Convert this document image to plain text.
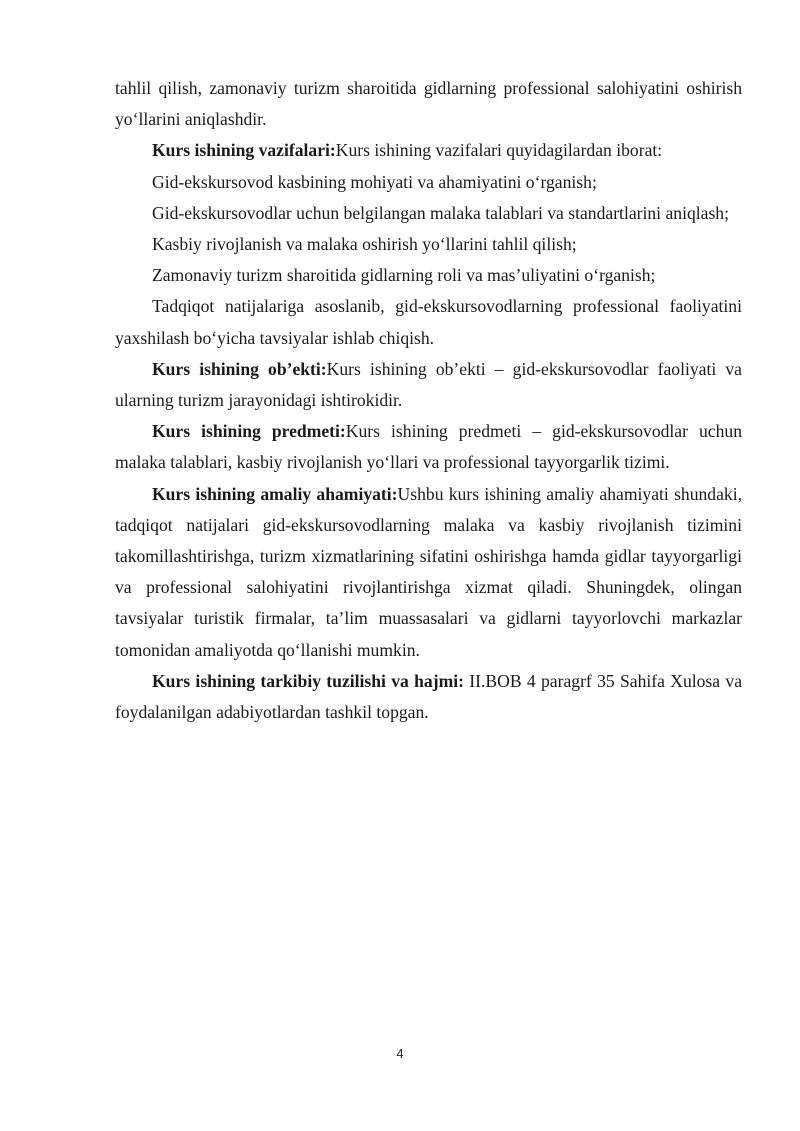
tahlil qilish, zamonaviy turizm sharoitida gidlarning professional salohiyatini oshirish yo‘llarini aniqlashdir.

Kurs ishining vazifalari:Kurs ishining vazifalari quyidagilardan iborat:

Gid-ekskursovod kasbining mohiyati va ahamiyatini o‘rganish;

Gid-ekskursovodlar uchun belgilangan malaka talablari va standartlarini aniqlash;

Kasbiy rivojlanish va malaka oshirish yo‘llarini tahlil qilish;

Zamonaviy turizm sharoitida gidlarning roli va mas’uliyatini o‘rganish;

Tadqiqot natijalariga asoslanib, gid-ekskursovodlarning professional faoliyatini yaxshilash bo‘yicha tavsiyalar ishlab chiqish.

Kurs ishining ob’ekti:Kurs ishining ob’ekti – gid-ekskursovodlar faoliyati va ularning turizm jarayonidagi ishtirokidir.

Kurs ishining predmeti:Kurs ishining predmeti – gid-ekskursovodlar uchun malaka talablari, kasbiy rivojlanish yo‘llari va professional tayyorgarlik tizimi.

Kurs ishining amaliy ahamiyati:Ushbu kurs ishining amaliy ahamiyati shundaki, tadqiqot natijalari gid-ekskursovodlarning malaka va kasbiy rivojlanish tizimini takomillashtirishga, turizm xizmatlarining sifatini oshirishga hamda gidlar tayyorgarligi va professional salohiyatini rivojlantirishga xizmat qiladi. Shuningdek, olingan tavsiyalar turistik firmalar, ta’lim muassasalari va gidlarni tayyorlovchi markazlar tomonidan amaliyotda qo‘llanishi mumkin.

Kurs ishining tarkibiy tuzilishi va hajmi: II.BOB 4 paragrf 35 Sahifa Xulosa va foydalanilgan adabiyotlardan tashkil topgan.

4
